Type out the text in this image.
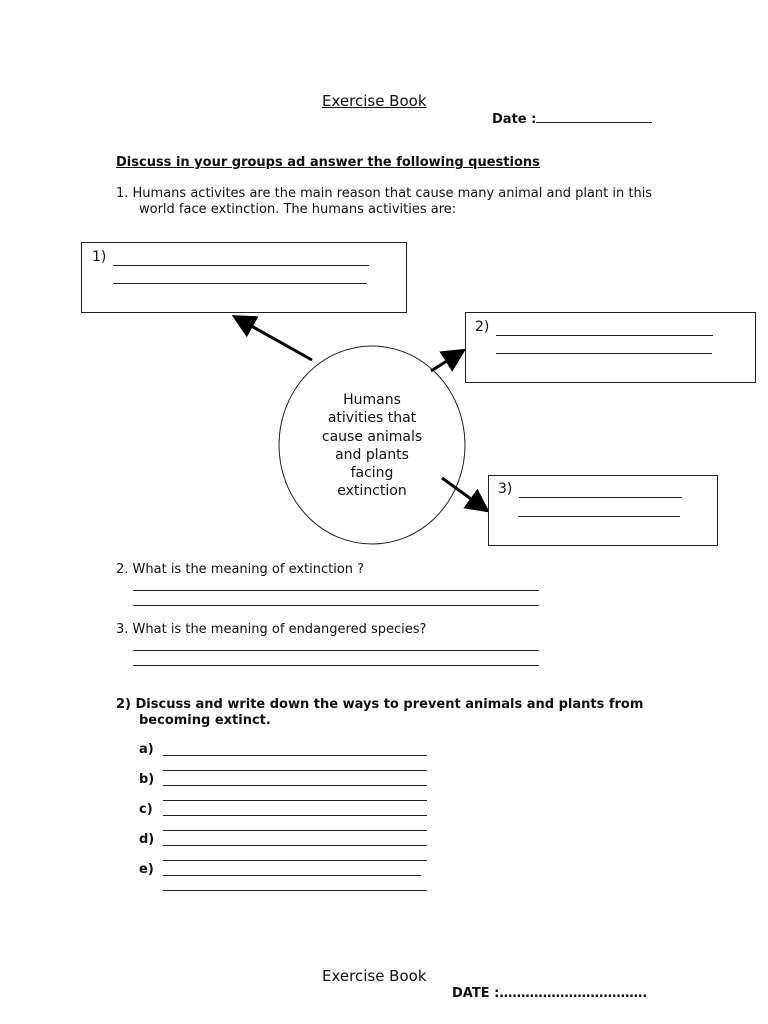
Exercise Book
Date :
Discuss in your groups ad answer the following questions
1. Humans activites are the main reason that cause many animal and plant in this
world face extinction. The humans activities are:
Humans
ativities that
cause animals
and plants
facing
extinction
1)
2)
3)
2. What is the meaning of extinction ?
3. What is the meaning of endangered species?
2) Discuss and write down the ways to prevent animals and plants from
becoming extinct.
a)
b)
c)
d)
e)
Exercise Book
DATE :…………………………….
